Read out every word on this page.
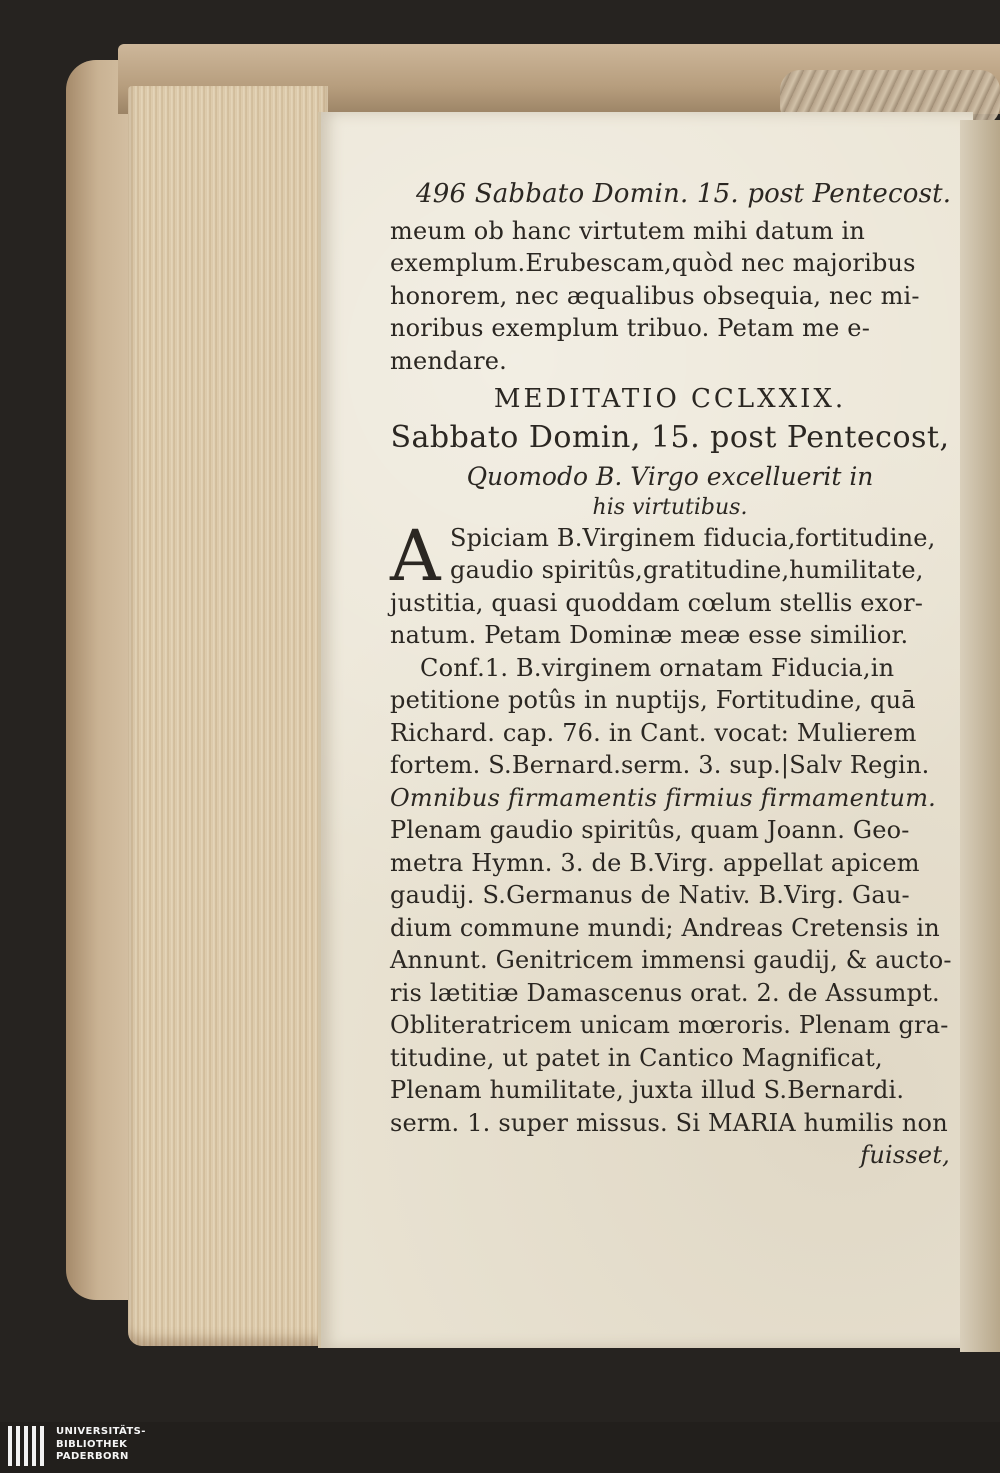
496 Sabbato Domin. 15. post Pentecost.
meum ob hanc virtutem mihi datum in
exemplum.Erubescam,quòd nec majoribus
honorem, nec æqualibus obsequia, nec mi-
noribus exemplum tribuo. Petam me e-
mendare.
MEDITATIO CCLXXIX.
Sabbato Domin, 15. post Pentecost,
Quomodo B. Virgo excelluerit in
his virtutibus.
A Spiciam B.Virginem fiducia,fortitudine,
gaudio spiritûs,gratitudine,humilitate,
justitia, quasi quoddam cœlum stellis exor-
natum. Petam Dominæ meæ esse similior.
Conf.1. B.virginem ornatam Fiducia,in
petitione potûs in nuptijs, Fortitudine, quā
Richard. cap. 76. in Cant. vocat: Mulierem
fortem. S.Bernard.serm. 3. sup.|Salv Regin.
Omnibus firmamentis firmius firmamentum.
Plenam gaudio spiritûs, quam Joann. Geo-
metra Hymn. 3. de B.Virg. appellat apicem
gaudij. S.Germanus de Nativ. B.Virg. Gau-
dium commune mundi; Andreas Cretensis in
Annunt. Genitricem immensi gaudij, & aucto-
ris lætitiæ Damascenus orat. 2. de Assumpt.
Obliteratricem unicam mœroris. Plenam gra-
titudine, ut patet in Cantico Magnificat,
Plenam humilitate, juxta illud S.Bernardi.
serm. 1. super missus. Si MARIA humilis non
fuisset,
UNIVERSITÄTS-
BIBLIOTHEK
PADERBORN
